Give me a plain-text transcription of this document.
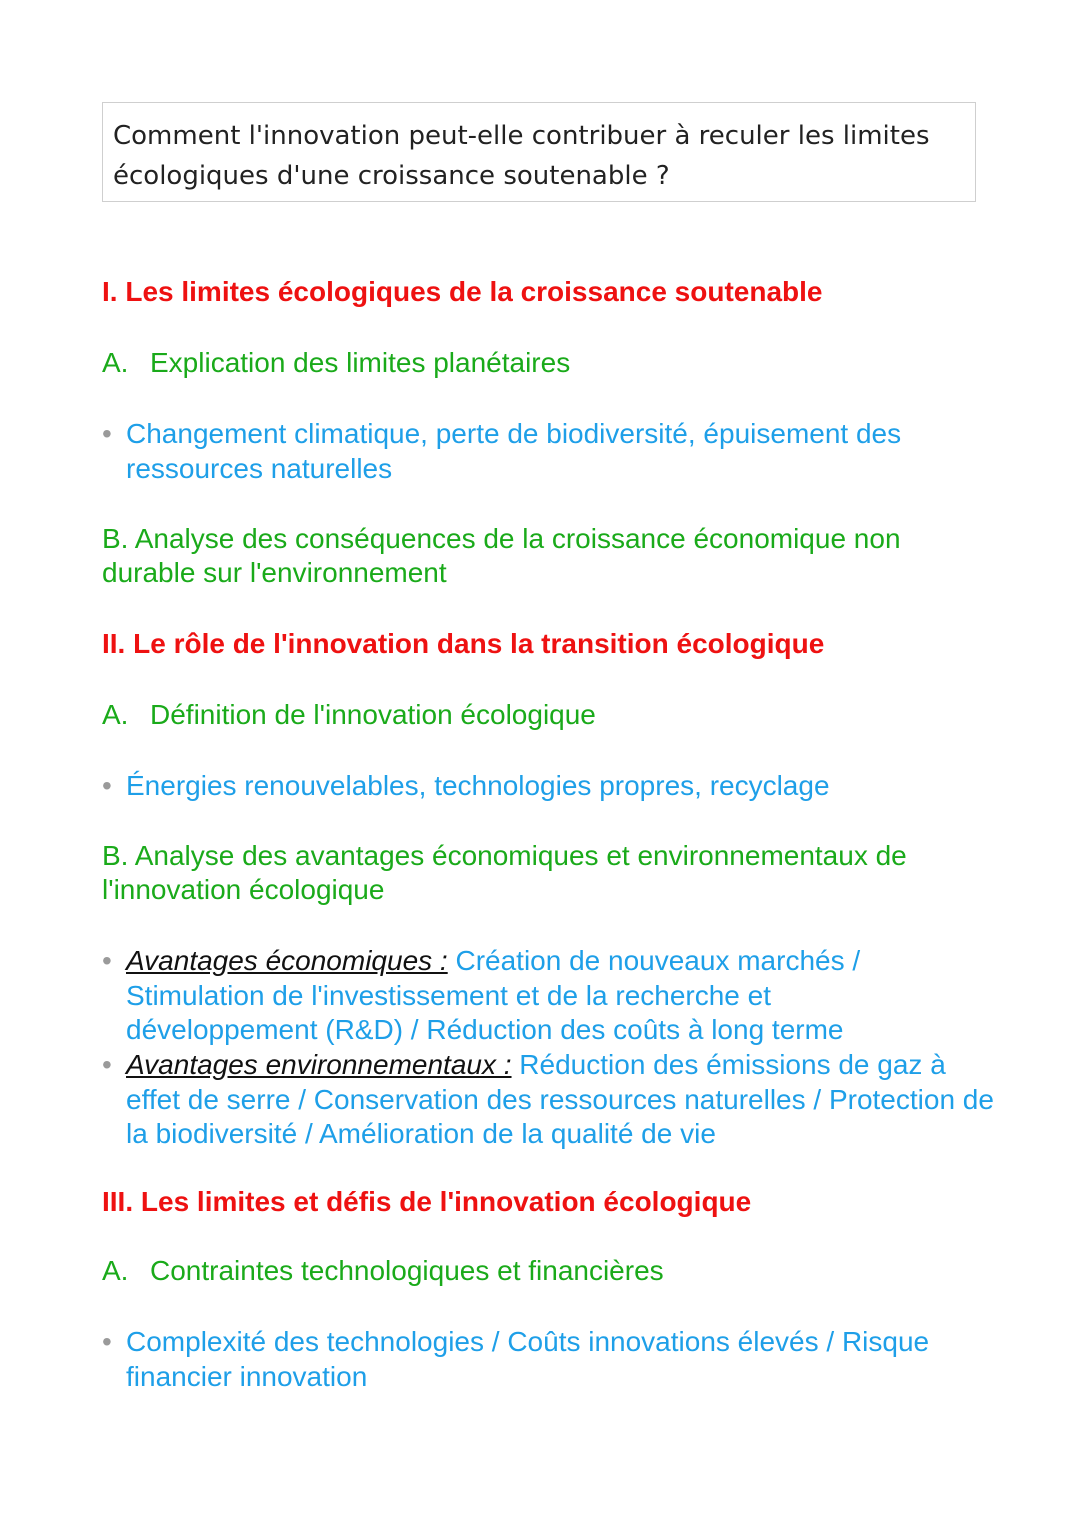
Comment l'innovation peut-elle contribuer à reculer les limites écologiques d'une croissance soutenable ?

I. Les limites écologiques de la croissance soutenable
A. Explication des limites planétaires
• Changement climatique, perte de biodiversité, épuisement des ressources naturelles
B. Analyse des conséquences de la croissance économique non durable sur l'environnement
II. Le rôle de l'innovation dans la transition écologique
A. Définition de l'innovation écologique
• Énergies renouvelables, technologies propres, recyclage
B. Analyse des avantages économiques et environnementaux de l'innovation écologique
• Avantages économiques : Création de nouveaux marchés / Stimulation de l'investissement et de la recherche et développement (R&D) / Réduction des coûts à long terme
• Avantages environnementaux : Réduction des émissions de gaz à effet de serre / Conservation des ressources naturelles / Protection de la biodiversité / Amélioration de la qualité de vie
III. Les limites et défis de l'innovation écologique
A. Contraintes technologiques et financières
• Complexité des technologies / Coûts innovations élevés / Risque financier innovation
